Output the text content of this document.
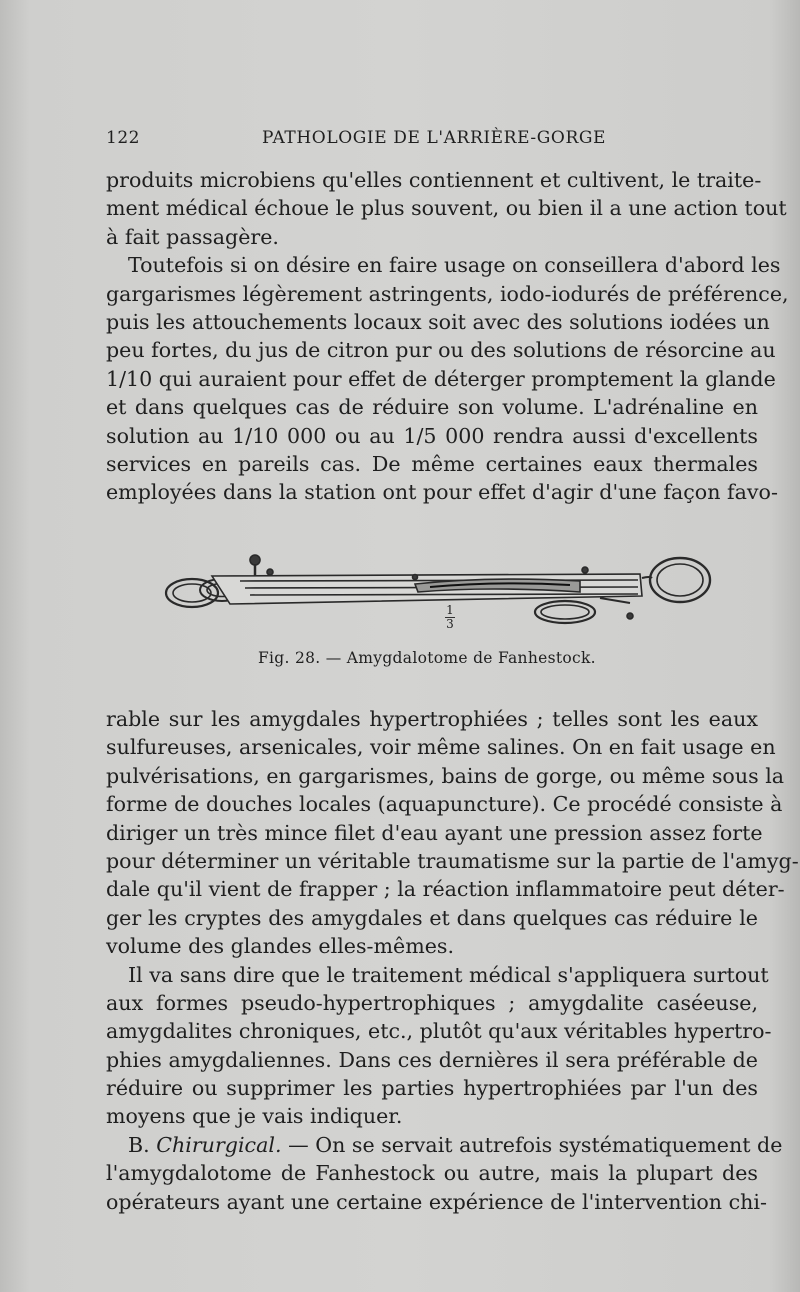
122	PATHOLOGIE DE L'ARRIÈRE-GORGE
produits microbiens qu'elles contiennent et cultivent, le traite-
ment médical échoue le plus souvent, ou bien il a une action tout
à fait passagère.
Toutefois si on désire en faire usage on conseillera d'abord les
gargarismes légèrement astringents, iodo-iodurés de préférence,
puis les attouchements locaux soit avec des solutions iodées un
peu fortes, du jus de citron pur ou des solutions de résorcine au
1/10 qui auraient pour effet de déterger promptement la glande
et dans quelques cas de réduire son volume. L'adrénaline en
solution au 1/10 000 ou au 1/5 000 rendra aussi d'excellents
services en pareils cas. De même certaines eaux thermales
employées dans la station ont pour effet d'agir d'une façon favo-
1
3
Fig. 28. — Amygdalotome de Fanhestock.
rable sur les amygdales hypertrophiées ; telles sont les eaux
sulfureuses, arsenicales, voir même salines. On en fait usage en
pulvérisations, en gargarismes, bains de gorge, ou même sous la
forme de douches locales (aquapuncture). Ce procédé consiste à
diriger un très mince filet d'eau ayant une pression assez forte
pour déterminer un véritable traumatisme sur la partie de l'amyg-
dale qu'il vient de frapper ; la réaction inflammatoire peut déter-
ger les cryptes des amygdales et dans quelques cas réduire le
volume des glandes elles-mêmes.
Il va sans dire que le traitement médical s'appliquera surtout
aux formes pseudo-hypertrophiques ; amygdalite caséeuse,
amygdalites chroniques, etc., plutôt qu'aux véritables hypertro-
phies amygdaliennes. Dans ces dernières il sera préférable de
réduire ou supprimer les parties hypertrophiées par l'un des
moyens que je vais indiquer.
B. Chirurgical. — On se servait autrefois systématiquement de
l'amygdalotome de Fanhestock ou autre, mais la plupart des
opérateurs ayant une certaine expérience de l'intervention chi-
